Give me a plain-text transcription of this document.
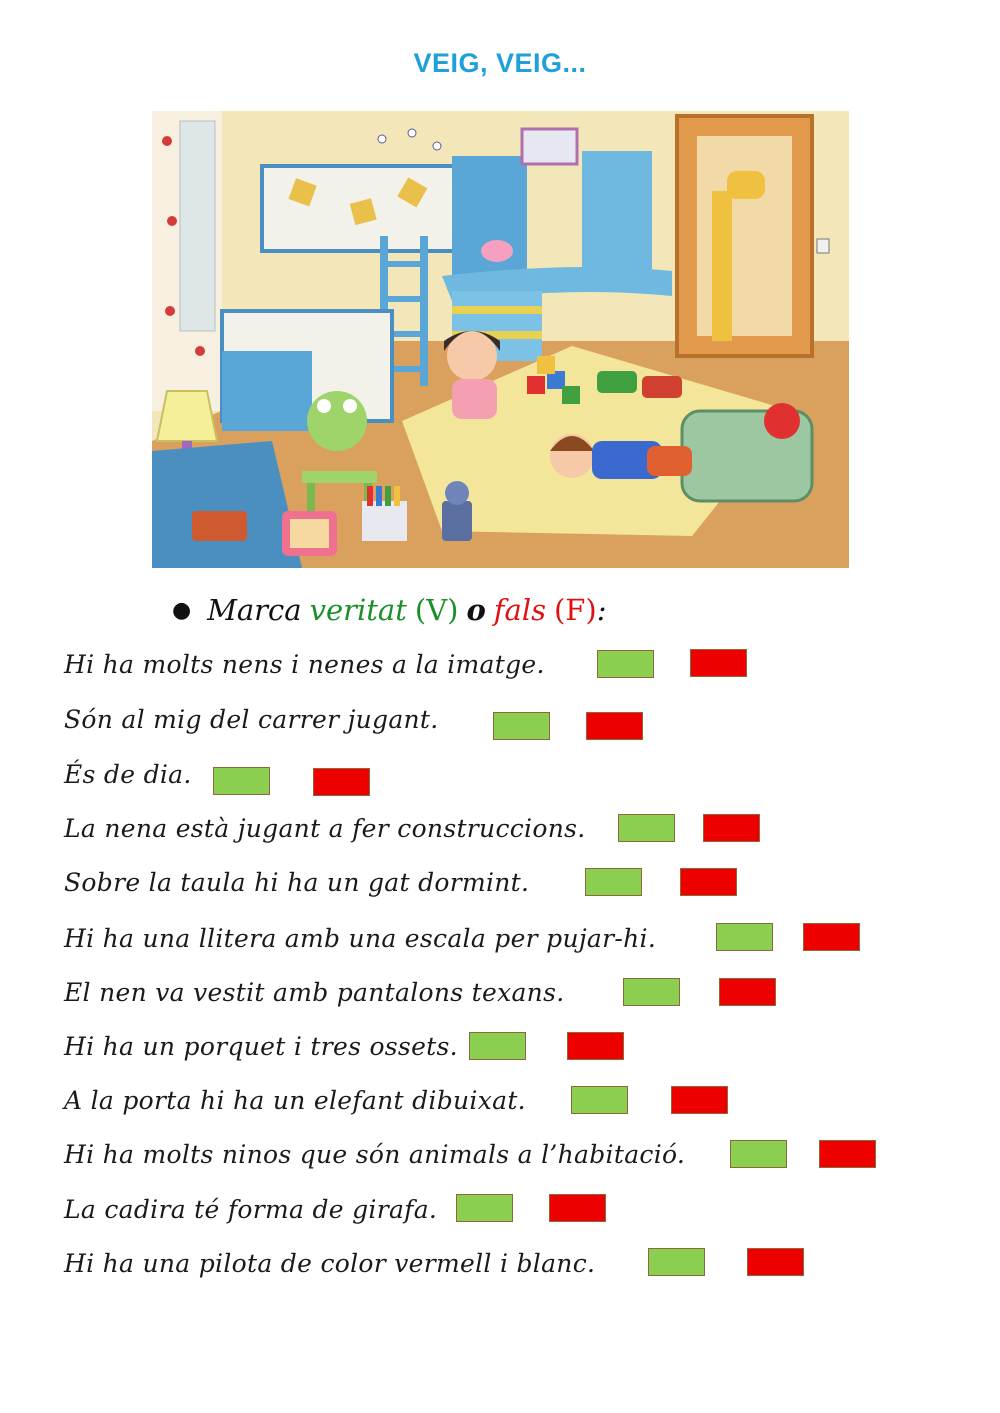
VEIG, VEIG...
● Marca veritat (V) o fals (F) :
Hi ha molts nens i nenes a la imatge.
Són al mig del carrer jugant.
És de dia.
La nena està jugant a fer construccions.
Sobre la taula hi ha un gat dormint.
Hi ha una llitera amb una escala per pujar-hi.
El nen va vestit amb pantalons texans.
Hi ha un porquet i tres ossets.
A la porta hi ha un elefant dibuixat.
Hi ha molts ninos que són animals a l’habitació.
La cadira té forma de girafa.
Hi ha una pilota de color vermell i blanc.
